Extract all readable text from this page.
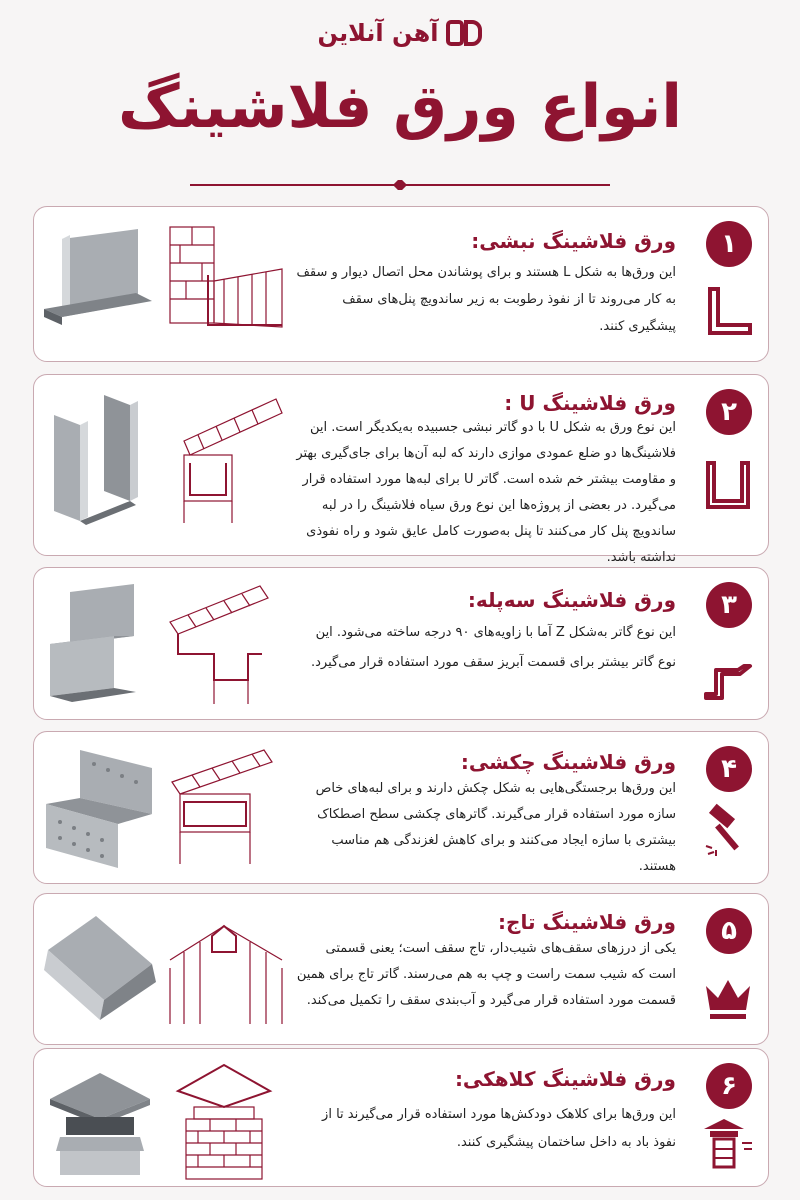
آهن آنلاین
انواع ورق فلاشینگ
۱
ورق فلاشینگ نبشی:
این ورق‌ها به شکل L هستند و برای پوشاندن محل اتصال دیوار و سقف به کار می‌روند تا از نفوذ رطوبت به زیر ساندویچ پنل‌های سقف پیشگیری کنند.
۲
ورق فلاشینگ U :
این نوع ورق به شکل U با دو گاتر نبشی جسبیده به‌یکدیگر است. این فلاشینگ‌ها دو ضلع عمودی موازی دارند که لبه آن‌ها برای جای‌گیری بهتر و مقاومت بیشتر خم شده است. گاتر U برای لبه‌ها مورد استفاده قرار می‌گیرد. در بعضی از پروژه‌ها این نوع ورق سیاه فلاشینگ را در لبه ساندویچ پنل کار می‌کنند تا پنل به‌صورت کامل عایق شود و راه نفوذی نداشته باشد.
۳
ورق فلاشینگ سه‌پله:
این نوع گاتر به‌شکل Z آما با زاویه‌های ۹۰ درجه ساخته می‌شود. این نوع گاتر بیشتر برای قسمت آبریز سقف مورد استفاده قرار می‌گیرد.
۴
ورق فلاشینگ چکشی:
این ورق‌ها برجستگی‌هایی به شکل چکش دارند و برای لبه‌های خاص سازه مورد استفاده قرار می‌گیرند. گاترهای چکشی سطح اصطکاک بیشتری با سازه ایجاد می‌کنند و برای کاهش لغزندگی هم مناسب هستند.
۵
ورق فلاشینگ تاج:
یکی از درزهای سقف‌های شیب‌دار، تاج سقف است؛ یعنی قسمتی است که شیب سمت راست و چپ به هم می‌رسند. گاتر تاج برای همین قسمت مورد استفاده قرار می‌گیرد و آب‌بندی سقف را تکمیل می‌کند.
۶
ورق فلاشینگ کلاهکی:
این ورق‌ها برای کلاهک دودکش‌ها مورد استفاده قرار می‌گیرند تا از نفوذ باد به داخل ساختمان پیشگیری کنند.
